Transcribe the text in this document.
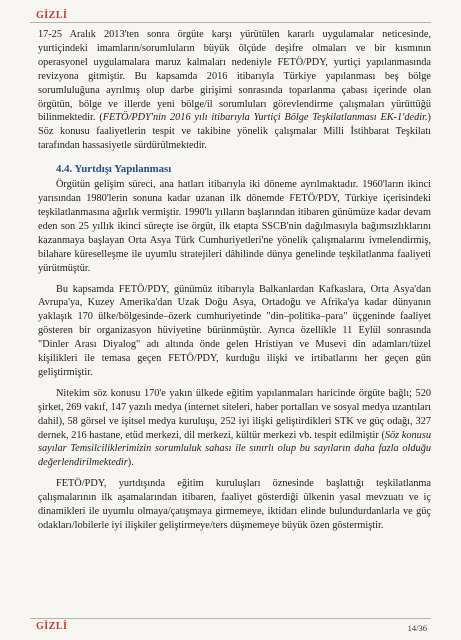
GİZLİ

17-25 Aralık 2013'ten sonra örgüte karşı yürütülen kararlı uygulamalar neticesinde, yurtiçindeki imamların/sorumluların büyük ölçüde deşifre olmaları ve bir kısmının operasyonel uygulamalara maruz kalmaları nedeniyle FETÖ/PDY, yurtiçi yapılanmasında revizyona gitmiştir. Bu kapsamda 2016 itibarıyla Türkiye yapılanması beş bölge sorumluluğuna ayrılmış olup darbe girişimi sonrasında toparlanma çabası içerinde olan örgütün, bölge ve illerde yeni bölge/il sorumluları görevlendirme çalışmaları yürüttüğü bilinmektedir. (FETÖ/PDY'nin 2016 yılı itibarıyla Yurtiçi Bölge Teşkilatlanması EK-1'dedir.) Söz konusu faaliyetlerin tespit ve takibine yönelik çalışmalar Milli İstihbarat Teşkilatı tarafından hassasiyetle sürdürülmektedir.

4.4. Yurtdışı Yapılanması

Örgütün gelişim süreci, ana hatları itibarıyla iki döneme ayrılmaktadır. 1960'ların ikinci yarısından 1980'lerin sonuna kadar uzanan ilk dönemde FETÖ/PDY, Türkiye içerisindeki teşkilatlanmasına ağırlık vermiştir. 1990'lı yılların başlarından itibaren günümüze kadar devam eden son 25 yıllık ikinci süreçte ise örgüt, ilk etapta SSCB'nin dağılmasıyla bağımsızlıklarını kazanmaya başlayan Orta Asya Türk Cumhuriyetleri'ne yönelik çalışmalarını ivmelendirmiş, bilahare küreselleşme ile uyumlu stratejileri dâhilinde dünya genelinde teşkilatlanma faaliyeti yürütmüştür.

Bu kapsamda FETÖ/PDY, günümüz itibarıyla Balkanlardan Kafkaslara, Orta Asya'dan Avrupa'ya, Kuzey Amerika'dan Uzak Doğu Asya, Ortadoğu ve Afrika'ya kadar dünyanın yaklaşık 170 ülke/bölgesinde–özerk cumhuriyetinde "din–politika–para" üçgeninde faaliyet gösteren bir organizasyon hüviyetine bürünmüştür. Ayrıca özellikle 11 Eylül sonrasında "Dinler Arası Diyalog" adı altında önde gelen Hristiyan ve Musevi din adamları/tüzel kişilikleri ile temasa geçen FETÖ/PDY, kurduğu ilişki ve irtibatlarını her geçen gün geliştirmiştir.

Nitekim söz konusu 170'e yakın ülkede eğitim yapılanmaları haricinde örgüte bağlı; 520 şirket, 269 vakıf, 147 yazılı medya (internet siteleri, haber portalları ve sosyal medya uzantıları dahil), 58 görsel ve işitsel medya kuruluşu, 252 iyi ilişki geliştirdikleri STK ve güç odağı, 327 dernek, 216 hastane, etüd merkezi, dil merkezi, kültür merkezi vb. tespit edilmiştir (Söz konusu sayılar Temsilciliklerimizin sorumluluk sahası ile sınırlı olup bu sayıların daha fazla olduğu değerlendirilmektedir).

FETÖ/PDY, yurtdışında eğitim kuruluşları öznesinde başlattığı teşkilatlanma çalışmalarının ilk aşamalarından itibaren, faaliyet gösterdiği ülkenin yasal mevzuatı ve iç dinamikleri ile uyumlu olmaya/çatışmaya girmemeye, iktidarı elinde bulundurdanlarla ve güç odakları/lobilerle iyi ilişkiler geliştirmeye/ters düşmemeye büyük özen göstermiştir.

GİZLİ	14/36
